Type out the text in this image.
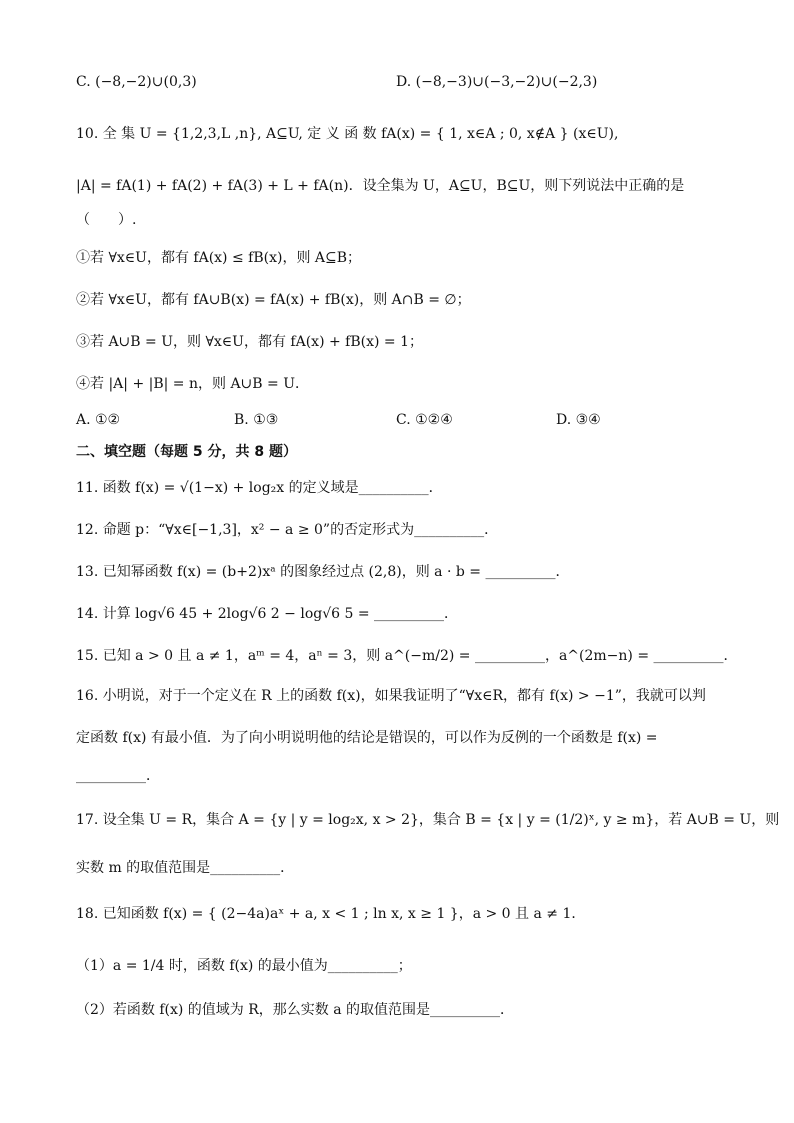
C. (−8,−2)∪(0,3)	D. (−8,−3)∪(−3,−2)∪(−2,3)
10. 全 集 U = {1,2,3,L ,n}, A⊆U, 定 义 函 数 fA(x) = { 1, x∈A ; 0, x∉A } (x∈U),
|A| = fA(1) + fA(2) + fA(3) + L + fA(n)．设全集为 U，A⊆U，B⊆U，则下列说法中正确的是
（　　）.
①若 ∀x∈U，都有 fA(x) ≤ fB(x)，则 A⊆B；
②若 ∀x∈U，都有 fA∪B(x) = fA(x) + fB(x)，则 A∩B = ∅；
③若 A∪B = U，则 ∀x∈U，都有 fA(x) + fB(x) = 1；
④若 |A| + |B| = n，则 A∪B = U．
A. ①②	B. ①③	C. ①②④	D. ③④
二、填空题（每题 5 分，共 8 题）
11. 函数 f(x) = √(1−x) + log₂x 的定义域是__________．
12. 命题 p：“∀x∈[−1,3]，x² − a ≥ 0”的否定形式为__________．
13. 已知幂函数 f(x) = (b+2)xᵃ 的图象经过点 (2,8)，则 a · b = __________．
14. 计算 log√6 45 + 2log√6 2 − log√6 5 = __________．
15. 已知 a > 0 且 a ≠ 1，aᵐ = 4，aⁿ = 3，则 a^(−m/2) = __________，a^(2m−n) = __________．
16. 小明说，对于一个定义在 R 上的函数 f(x)，如果我证明了“∀x∈R，都有 f(x) > −1”，我就可以判
定函数 f(x) 有最小值．为了向小明说明他的结论是错误的，可以作为反例的一个函数是 f(x) =
__________．
17. 设全集 U = R，集合 A = {y | y = log₂x, x > 2}，集合 B = {x | y = (1/2)ˣ, y ≥ m}，若 A∪B = U，则
实数 m 的取值范围是__________．
18. 已知函数 f(x) = { (2−4a)aˣ + a, x < 1 ; ln x, x ≥ 1 }，a > 0 且 a ≠ 1．
（1）a = 1/4 时，函数 f(x) 的最小值为__________；
（2）若函数 f(x) 的值域为 R，那么实数 a 的取值范围是__________．
